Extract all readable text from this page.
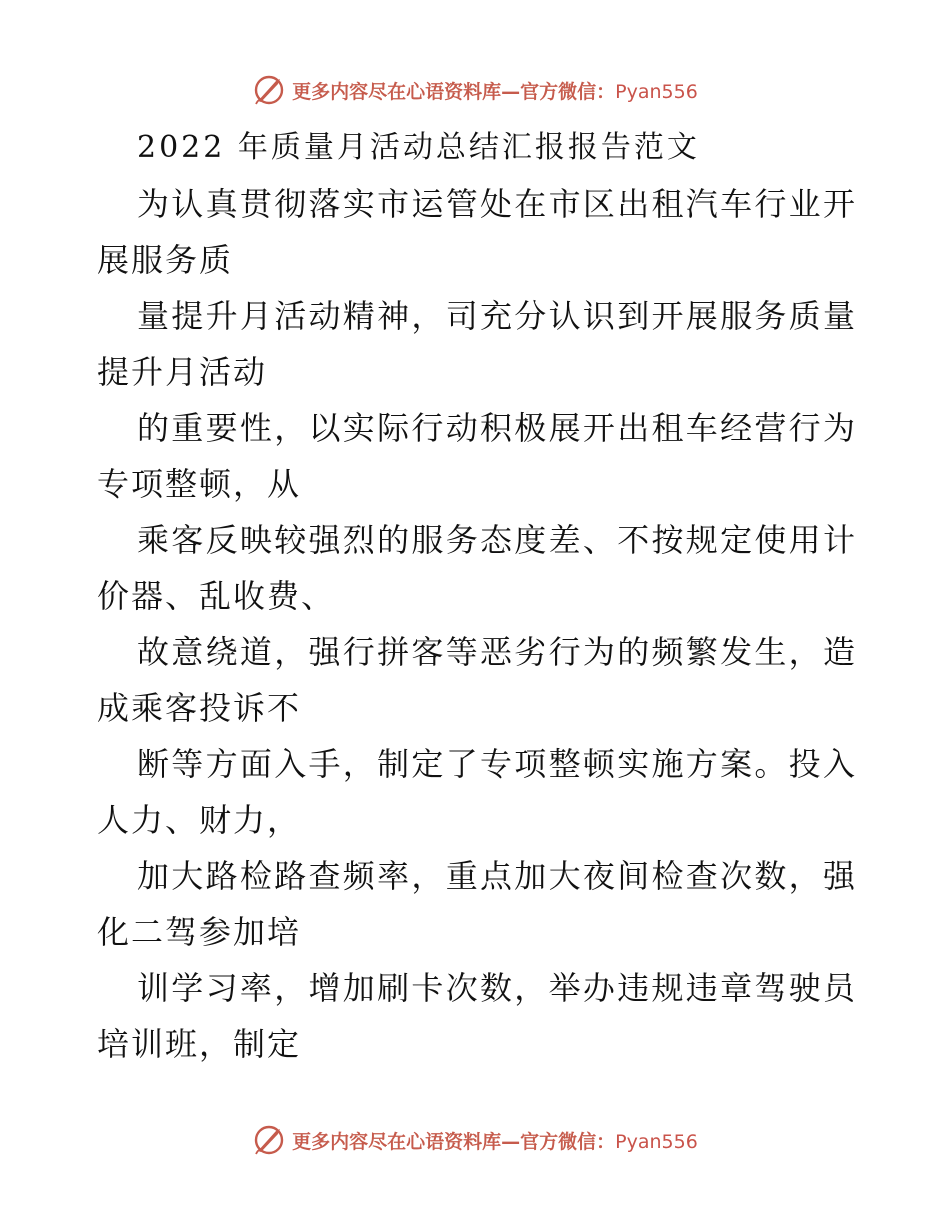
更多内容尽在心语资料库—官方微信：Pyan556
2022 年质量月活动总结汇报报告范文
为认真贯彻落实市运管处在市区出租汽车行业开
展服务质
量提升月活动精神，司充分认识到开展服务质量
提升月活动
的重要性，以实际行动积极展开出租车经营行为
专项整顿，从
乘客反映较强烈的服务态度差、不按规定使用计
价器、乱收费、
故意绕道，强行拼客等恶劣行为的频繁发生，造
成乘客投诉不
断等方面入手，制定了专项整顿实施方案。投入
人力、财力，
加大路检路查频率，重点加大夜间检查次数，强
化二驾参加培
训学习率，增加刷卡次数，举办违规违章驾驶员
培训班，制定
更多内容尽在心语资料库—官方微信：Pyan556
